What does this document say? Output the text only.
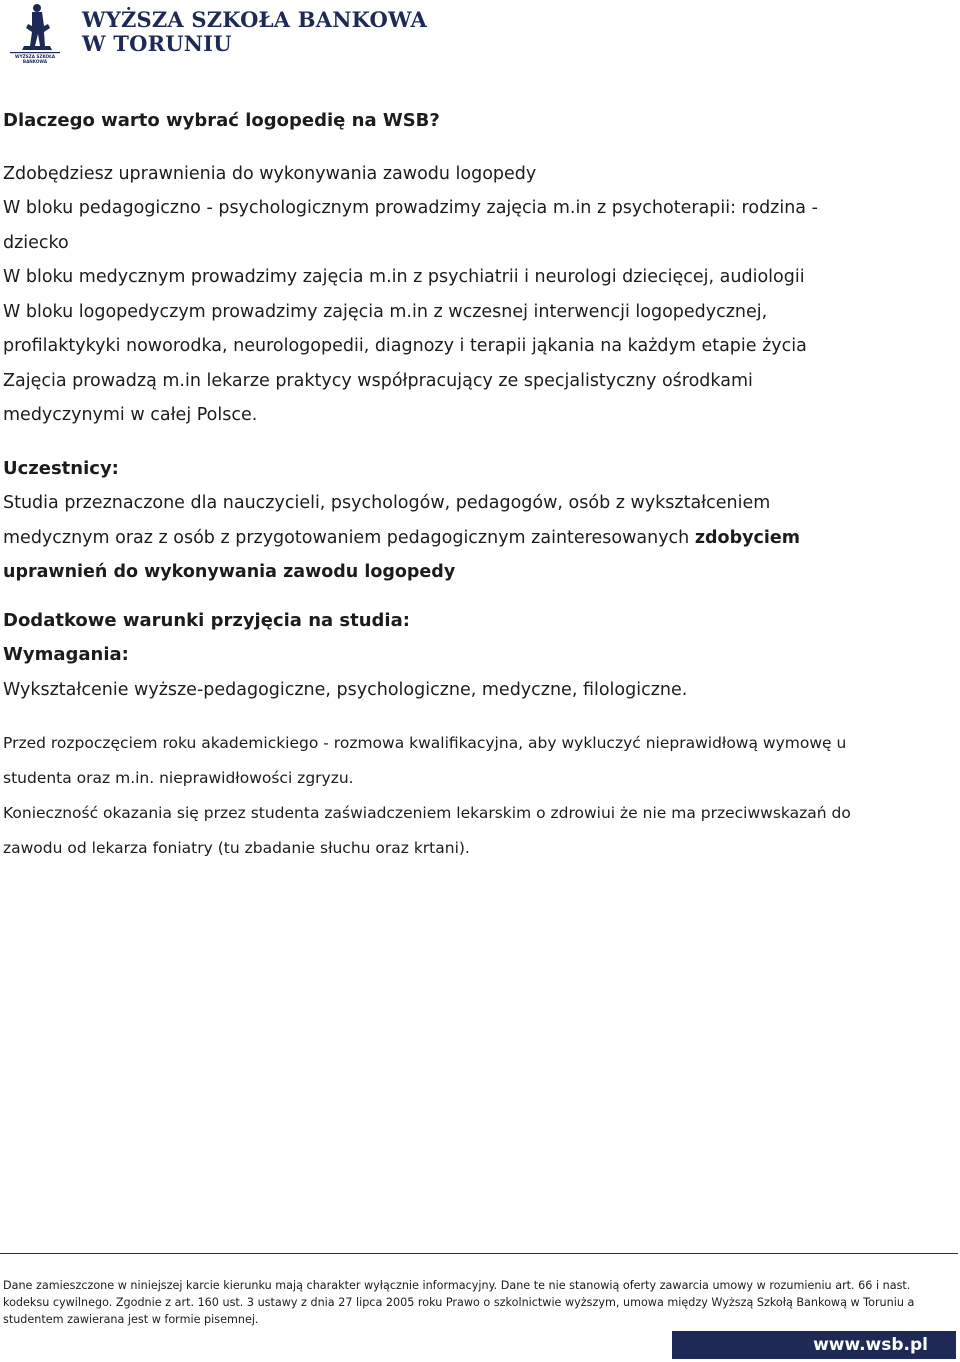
WYŻSZA SZKOŁA
BANKOWA
WYŻSZA SZKOŁA BANKOWA
W TORUNIU
Dlaczego warto wybrać logopedię na WSB?
Zdobędziesz uprawnienia do wykonywania zawodu logopedy
W bloku pedagogiczno - psychologicznym prowadzimy zajęcia m.in z psychoterapii: rodzina -
dziecko
W bloku medycznym prowadzimy zajęcia m.in z psychiatrii i neurologi dziecięcej, audiologii
W bloku logopedyczym prowadzimy zajęcia m.in z wczesnej interwencji logopedycznej,
profilaktykyki noworodka, neurologopedii, diagnozy i terapii jąkania na każdym etapie życia
Zajęcia prowadzą m.in lekarze praktycy współpracujący ze specjalistyczny ośrodkami
medyczynymi w całej Polsce.
Uczestnicy:
Studia przeznaczone dla nauczycieli, psychologów, pedagogów, osób z wykształceniem
medycznym oraz z osób z przygotowaniem pedagogicznym zainteresowanych zdobyciem
uprawnień do wykonywania zawodu logopedy
Dodatkowe warunki przyjęcia na studia:
Wymagania:
Wykształcenie wyższe-pedagogiczne, psychologiczne, medyczne, filologiczne.
Przed rozpoczęciem roku akademickiego - rozmowa kwalifikacyjna, aby wykluczyć nieprawidłową wymowę u
studenta oraz m.in. nieprawidłowości zgryzu.
Konieczność okazania się przez studenta zaświadczeniem lekarskim o zdrowiui że nie ma przeciwwskazań do
zawodu od lekarza foniatry (tu zbadanie słuchu oraz krtani).
Dane zamieszczone w niniejszej karcie kierunku mają charakter wyłącznie informacyjny. Dane te nie stanowią oferty zawarcia umowy w rozumieniu art. 66 i nast.
kodeksu cywilnego. Zgodnie z art. 160 ust. 3 ustawy z dnia 27 lipca 2005 roku Prawo o szkolnictwie wyższym, umowa między Wyższą Szkołą Bankową w Toruniu a
studentem zawierana jest w formie pisemnej.
www.wsb.pl
